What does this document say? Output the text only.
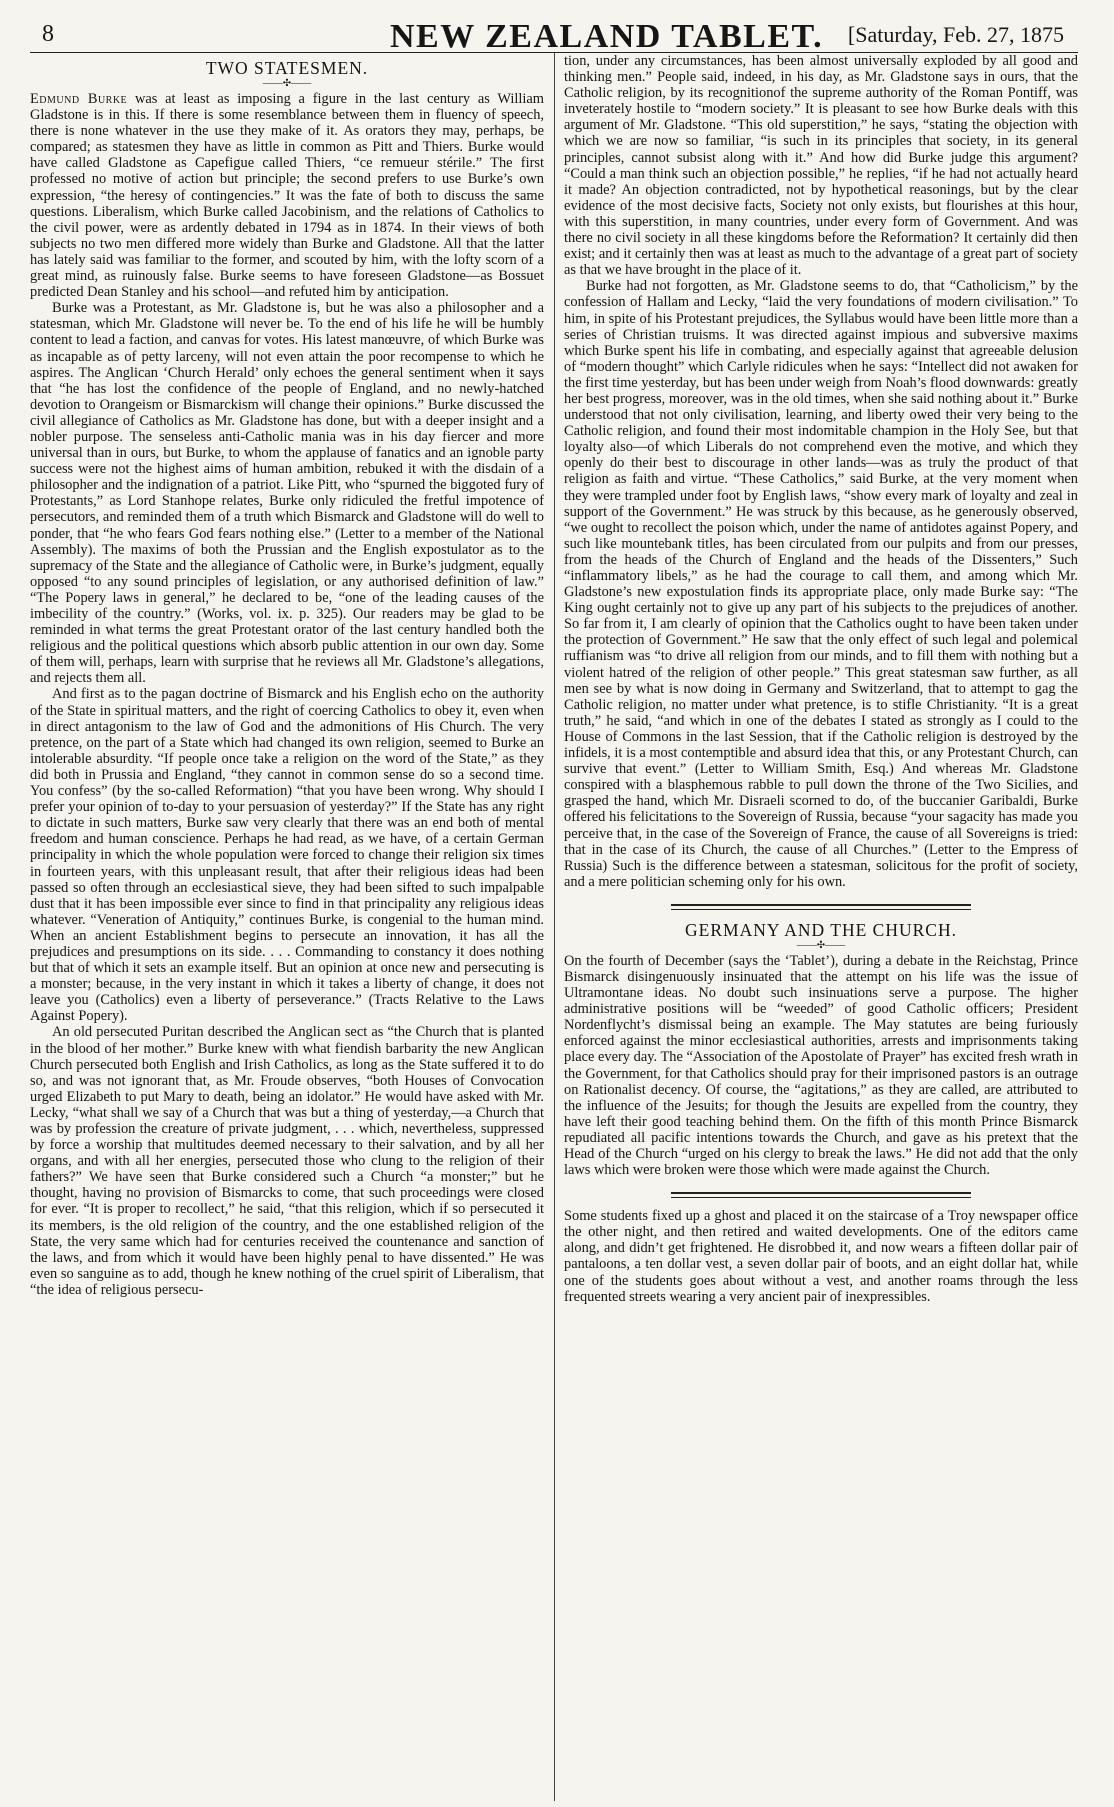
8	NEW ZEALAND TABLET. [Saturday, Feb. 27, 1875
TWO STATESMEN.
——✣——

Edmund Burke was at least as imposing a figure in the last century as William Gladstone is in this. If there is some resemblance between them in fluency of speech, there is none whatever in the use they make of it. As orators they may, perhaps, be compared; as statesmen they have as little in common as Pitt and Thiers. Burke would have called Gladstone as Capefigue called Thiers, “ce remueur stérile.” The first professed no motive of action but principle; the second prefers to use Burke’s own expression, “the heresy of contingencies.” It was the fate of both to discuss the same questions. Liberalism, which Burke called Jacobinism, and the relations of Catholics to the civil power, were as ardently debated in 1794 as in 1874. In their views of both subjects no two men differed more widely than Burke and Gladstone. All that the latter has lately said was familiar to the former, and scouted by him, with the lofty scorn of a great mind, as ruinously false. Burke seems to have foreseen Gladstone—as Bossuet predicted Dean Stanley and his school—and refuted him by anticipation.

Burke was a Protestant, as Mr. Gladstone is, but he was also a philosopher and a statesman, which Mr. Gladstone will never be. To the end of his life he will be humbly content to lead a faction, and canvas for votes. His latest manœuvre, of which Burke was as incapable as of petty larceny, will not even attain the poor recompense to which he aspires. The Anglican ‘Church Herald’ only echoes the general sentiment when it says that “he has lost the confidence of the people of England, and no newly-hatched devotion to Orangeism or Bismarckism will change their opinions.” Burke discussed the civil allegiance of Catholics as Mr. Gladstone has done, but with a deeper insight and a nobler purpose. The senseless anti-Catholic mania was in his day fiercer and more universal than in ours, but Burke, to whom the applause of fanatics and an ignoble party success were not the highest aims of human ambition, rebuked it with the disdain of a philosopher and the indignation of a patriot. Like Pitt, who “spurned the biggoted fury of Protestants,” as Lord Stanhope relates, Burke only ridiculed the fretful impotence of persecutors, and reminded them of a truth which Bismarck and Gladstone will do well to ponder, that “he who fears God fears nothing else.” (Letter to a member of the National Assembly). The maxims of both the Prussian and the English expostulator as to the supremacy of the State and the allegiance of Catholic were, in Burke’s judgment, equally opposed “to any sound principles of legislation, or any authorised definition of law.” “The Popery laws in general,” he declared to be, “one of the leading causes of the imbecility of the country.” (Works, vol. ix. p. 325). Our readers may be glad to be reminded in what terms the great Protestant orator of the last century handled both the religious and the political questions which absorb public attention in our own day. Some of them will, perhaps, learn with surprise that he reviews all Mr. Gladstone’s allegations, and rejects them all.

And first as to the pagan doctrine of Bismarck and his English echo on the authority of the State in spiritual matters, and the right of coercing Catholics to obey it, even when in direct antagonism to the law of God and the admonitions of His Church. The very pretence, on the part of a State which had changed its own religion, seemed to Burke an intolerable absurdity. “If people once take a religion on the word of the State,” as they did both in Prussia and England, “they cannot in common sense do so a second time. You confess” (by the so-called Reformation) “that you have been wrong. Why should I prefer your opinion of to-day to your persuasion of yesterday?” If the State has any right to dictate in such matters, Burke saw very clearly that there was an end both of mental freedom and human conscience. Perhaps he had read, as we have, of a certain German principality in which the whole population were forced to change their religion six times in fourteen years, with this unpleasant result, that after their religious ideas had been passed so often through an ecclesiastical sieve, they had been sifted to such impalpable dust that it has been impossible ever since to find in that principality any religious ideas whatever. “Veneration of Antiquity,” continues Burke, is congenial to the human mind. When an ancient Establishment begins to persecute an innovation, it has all the prejudices and presumptions on its side. . . . Commanding to constancy it does nothing but that of which it sets an example itself. But an opinion at once new and persecuting is a monster; because, in the very instant in which it takes a liberty of change, it does not leave you (Catholics) even a liberty of perseverance.” (Tracts Relative to the Laws Against Popery).

An old persecuted Puritan described the Anglican sect as “the Church that is planted in the blood of her mother.” Burke knew with what fiendish barbarity the new Anglican Church persecuted both English and Irish Catholics, as long as the State suffered it to do so, and was not ignorant that, as Mr. Froude observes, “both Houses of Convocation urged Elizabeth to put Mary to death, being an idolator.” He would have asked with Mr. Lecky, “what shall we say of a Church that was but a thing of yesterday,—a Church that was by profession the creature of private judgment, . . . which, nevertheless, suppressed by force a worship that multitudes deemed necessary to their salvation, and by all her organs, and with all her energies, persecuted those who clung to the religion of their fathers?” We have seen that Burke considered such a Church “a monster;” but he thought, having no provision of Bismarcks to come, that such proceedings were closed for ever. “It is proper to recollect,” he said, “that this religion, which if so persecuted it its members, is the old religion of the country, and the one established religion of the State, the very same which had for centuries received the countenance and sanction of the laws, and from which it would have been highly penal to have dissented.” He was even so sanguine as to add, though he knew nothing of the cruel spirit of Liberalism, that “the idea of religious persecu-

tion, under any circumstances, has been almost universally exploded by all good and thinking men.” People said, indeed, in his day, as Mr. Gladstone says in ours, that the Catholic religion, by its recognitionof the supreme authority of the Roman Pontiff, was inveterately hostile to “modern society.” It is pleasant to see how Burke deals with this argument of Mr. Gladstone. “This old superstition,” he says, “stating the objection with which we are now so familiar, “is such in its principles that society, in its general principles, cannot subsist along with it.” And how did Burke judge this argument? “Could a man think such an objection possible,” he replies, “if he had not actually heard it made? An objection contradicted, not by hypothetical reasonings, but by the clear evidence of the most decisive facts, Society not only exists, but flourishes at this hour, with this superstition, in many countries, under every form of Government. And was there no civil society in all these kingdoms before the Reformation? It certainly did then exist; and it certainly then was at least as much to the advantage of a great part of society as that we have brought in the place of it.

Burke had not forgotten, as Mr. Gladstone seems to do, that “Catholicism,” by the confession of Hallam and Lecky, “laid the very foundations of modern civilisation.” To him, in spite of his Protestant prejudices, the Syllabus would have been little more than a series of Christian truisms. It was directed against impious and subversive maxims which Burke spent his life in combating, and especially against that agreeable delusion of “modern thought” which Carlyle ridicules when he says: “Intellect did not awaken for the first time yesterday, but has been under weigh from Noah’s flood downwards: greatly her best progress, moreover, was in the old times, when she said nothing about it.” Burke understood that not only civilisation, learning, and liberty owed their very being to the Catholic religion, and found their most indomitable champion in the Holy See, but that loyalty also—of which Liberals do not comprehend even the motive, and which they openly do their best to discourage in other lands—was as truly the product of that religion as faith and virtue. “These Catholics,” said Burke, at the very moment when they were trampled under foot by English laws, “show every mark of loyalty and zeal in support of the Government.” He was struck by this because, as he generously observed, “we ought to recollect the poison which, under the name of antidotes against Popery, and such like mountebank titles, has been circulated from our pulpits and from our presses, from the heads of the Church of England and the heads of the Dissenters,” Such “inflammatory libels,” as he had the courage to call them, and among which Mr. Gladstone’s new expostulation finds its appropriate place, only made Burke say: “The King ought certainly not to give up any part of his subjects to the prejudices of another. So far from it, I am clearly of opinion that the Catholics ought to have been taken under the protection of Government.” He saw that the only effect of such legal and polemical ruffianism was “to drive all religion from our minds, and to fill them with nothing but a violent hatred of the religion of other people.” This great statesman saw further, as all men see by what is now doing in Germany and Switzerland, that to attempt to gag the Catholic religion, no matter under what pretence, is to stifle Christianity. “It is a great truth,” he said, “and which in one of the debates I stated as strongly as I could to the House of Commons in the last Session, that if the Catholic religion is destroyed by the infidels, it is a most contemptible and absurd idea that this, or any Protestant Church, can survive that event.” (Letter to William Smith, Esq.) And whereas Mr. Gladstone conspired with a blasphemous rabble to pull down the throne of the Two Sicilies, and grasped the hand, which Mr. Disraeli scorned to do, of the buccanier Garibaldi, Burke offered his felicitations to the Sovereign of Russia, because “your sagacity has made you perceive that, in the case of the Sovereign of France, the cause of all Sovereigns is tried: that in the case of its Church, the cause of all Churches.” (Letter to the Empress of Russia) Such is the difference between a statesman, solicitous for the profit of society, and a mere politician scheming only for his own.

GERMANY AND THE CHURCH.
——✣——

On the fourth of December (says the ‘Tablet’), during a debate in the Reichstag, Prince Bismarck disingenuously insinuated that the attempt on his life was the issue of Ultramontane ideas. No doubt such insinuations serve a purpose. The higher administrative positions will be “weeded” of good Catholic officers; President Nordenflycht’s dismissal being an example. The May statutes are being furiously enforced against the minor ecclesiastical authorities, arrests and imprisonments taking place every day. The “Association of the Apostolate of Prayer” has excited fresh wrath in the Government, for that Catholics should pray for their imprisoned pastors is an outrage on Rationalist decency. Of course, the “agitations,” as they are called, are attributed to the influence of the Jesuits; for though the Jesuits are expelled from the country, they have left their good teaching behind them. On the fifth of this month Prince Bismarck repudiated all pacific intentions towards the Church, and gave as his pretext that the Head of the Church “urged on his clergy to break the laws.” He did not add that the only laws which were broken were those which were made against the Church.

Some students fixed up a ghost and placed it on the staircase of a Troy newspaper office the other night, and then retired and waited developments. One of the editors came along, and didn’t get frightened. He disrobbed it, and now wears a fifteen dollar pair of pantaloons, a ten dollar vest, a seven dollar pair of boots, and an eight dollar hat, while one of the students goes about without a vest, and another roams through the less frequented streets wearing a very ancient pair of inexpressibles.
